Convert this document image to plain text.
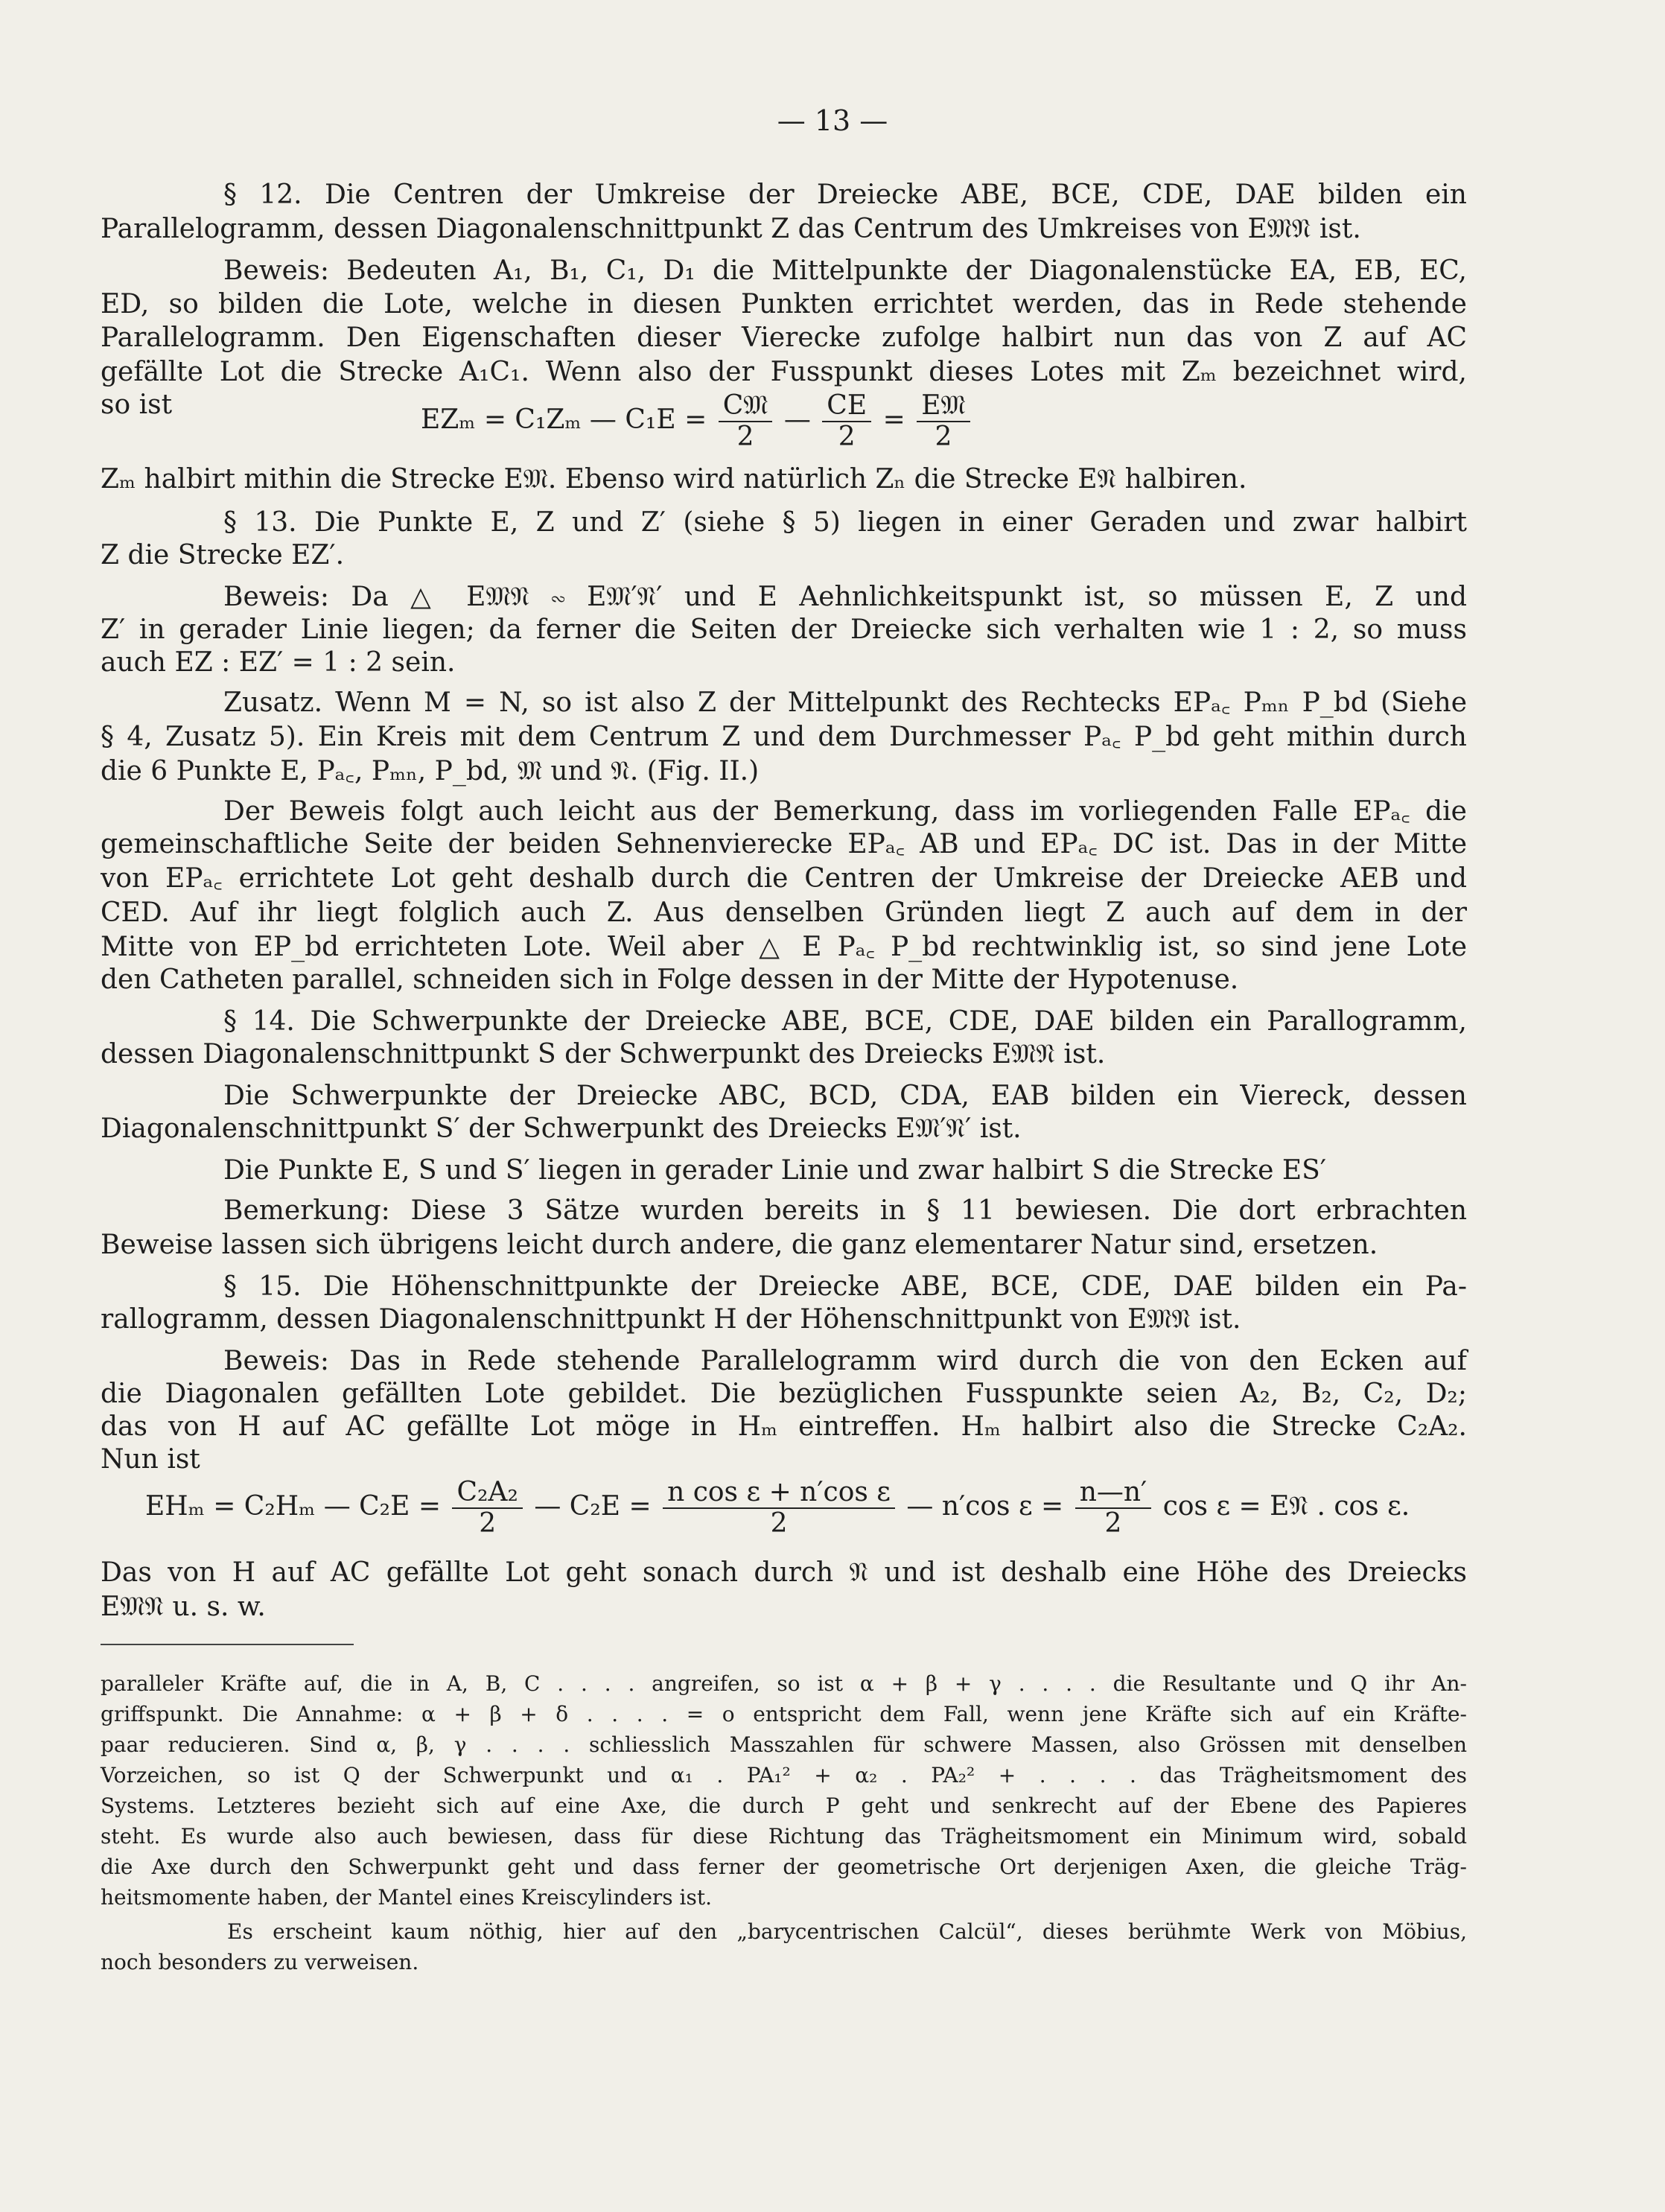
— 13 —
§ 12. Die Centren der Umkreise der Dreiecke ABE, BCE, CDE, DAE bilden ein
Parallelogramm, dessen Diagonalenschnittpunkt Z das Centrum des Umkreises von E𝔐𝔑 ist.
Beweis: Bedeuten A₁, B₁, C₁, D₁ die Mittelpunkte der Diagonalenstücke EA, EB, EC,
ED, so bilden die Lote, welche in diesen Punkten errichtet werden, das in Rede stehende
Parallelogramm. Den Eigenschaften dieser Vierecke zufolge halbirt nun das von Z auf AC
gefällte Lot die Strecke A₁C₁. Wenn also der Fusspunkt dieses Lotes mit Zₘ bezeichnet wird,
so ist	EZₘ = C₁Zₘ — $C_1E = \frac{\text{C𝔐}}{2}$ — $\frac{CE}{2} = \frac{\text{E𝔐}}{2}$
Zₘ halbirt mithin die Strecke E𝔐. Ebenso wird natürlich Zₙ die Strecke E𝔑 halbiren.
§ 13. Die Punkte E, Z und Z′ (siehe § 5) liegen in einer Geraden und zwar halbirt
Z die Strecke EZ′.
Beweis: Da △ E𝔐𝔑 ∾ E𝔐′𝔑′ und E Aehnlichkeitspunkt ist, so müssen E, Z und
Z′ in gerader Linie liegen; da ferner die Seiten der Dreiecke sich verhalten wie 1 : 2, so muss
auch EZ : EZ′ = 1 : 2 sein.
Zusatz. Wenn M = N, so ist also Z der Mittelpunkt des Rechtecks EPₐ꜀ Pₘₙ P_bd (Siehe
§ 4, Zusatz 5). Ein Kreis mit dem Centrum Z und dem Durchmesser Pₐ꜀ P_bd geht mithin durch
die 6 Punkte E, Pₐ꜀, Pₘₙ, P_bd, 𝔐 und 𝔑. (Fig. II.)
Der Beweis folgt auch leicht aus der Bemerkung, dass im vorliegenden Falle EPₐ꜀ die
gemeinschaftliche Seite der beiden Sehnenvierecke EPₐ꜀ AB und EPₐ꜀ DC ist. Das in der Mitte
von EPₐ꜀ errichtete Lot geht deshalb durch die Centren der Umkreise der Dreiecke AEB und
CED. Auf ihr liegt folglich auch Z. Aus denselben Gründen liegt Z auch auf dem in der
Mitte von EP_bd errichteten Lote. Weil aber △ E Pₐ꜀ P_bd rechtwinklig ist, so sind jene Lote
den Catheten parallel, schneiden sich in Folge dessen in der Mitte der Hypotenuse.
§ 14. Die Schwerpunkte der Dreiecke ABE, BCE, CDE, DAE bilden ein Parallogramm,
dessen Diagonalenschnittpunkt S der Schwerpunkt des Dreiecks E𝔐𝔑 ist.
Die Schwerpunkte der Dreiecke ABC, BCD, CDA, EAB bilden ein Viereck, dessen
Diagonalenschnittpunkt S′ der Schwerpunkt des Dreiecks E𝔐′𝔑′ ist.
Die Punkte E, S und S′ liegen in gerader Linie und zwar halbirt S die Strecke ES′
Bemerkung: Diese 3 Sätze wurden bereits in § 11 bewiesen. Die dort erbrachten
Beweise lassen sich übrigens leicht durch andere, die ganz elementarer Natur sind, ersetzen.
§ 15. Die Höhenschnittpunkte der Dreiecke ABE, BCE, CDE, DAE bilden ein Pa-
rallogramm, dessen Diagonalenschnittpunkt H der Höhenschnittpunkt von E𝔐𝔑 ist.
Beweis: Das in Rede stehende Parallelogramm wird durch die von den Ecken auf
die Diagonalen gefällten Lote gebildet. Die bezüglichen Fusspunkte seien A₂, B₂, C₂, D₂;
das von H auf AC gefällte Lot möge in Hₘ eintreffen. Hₘ halbirt also die Strecke C₂A₂.
Nun ist
EHₘ = C₂Hₘ — $C_2E = \frac{\text{C₂A₂}}{2}$ — $C_2E = \frac{\text{n cos ε + n′cos ε}}{2}$ — n′cos $\varepsilon = \frac{n—n'}{2}$ cos ε = E𝔑 . cos ε.
Das von H auf AC gefällte Lot geht sonach durch 𝔑 und ist deshalb eine Höhe des Dreiecks
E𝔐𝔑 u. s. w.
paralleler Kräfte auf, die in A, B, C . . . . angreifen, so ist α + β + γ . . . . die Resultante und Q ihr An-
griffspunkt. Die Annahme: α + β + δ . . . . = o entspricht dem Fall, wenn jene Kräfte sich auf ein Kräfte-
paar reducieren. Sind α, β, γ . . . . schliesslich Masszahlen für schwere Massen, also Grössen mit denselben
Vorzeichen, so ist Q der Schwerpunkt und α₁ . PA₁² + α₂ . PA₂² + . . . . das Trägheitsmoment des
Systems. Letzteres bezieht sich auf eine Axe, die durch P geht und senkrecht auf der Ebene des Papieres
steht. Es wurde also auch bewiesen, dass für diese Richtung das Trägheitsmoment ein Minimum wird, sobald
die Axe durch den Schwerpunkt geht und dass ferner der geometrische Ort derjenigen Axen, die gleiche Träg-
heitsmomente haben, der Mantel eines Kreiscylinders ist.
Es erscheint kaum nöthig, hier auf den „barycentrischen Calcül“, dieses berühmte Werk von Möbius,
noch besonders zu verweisen.
